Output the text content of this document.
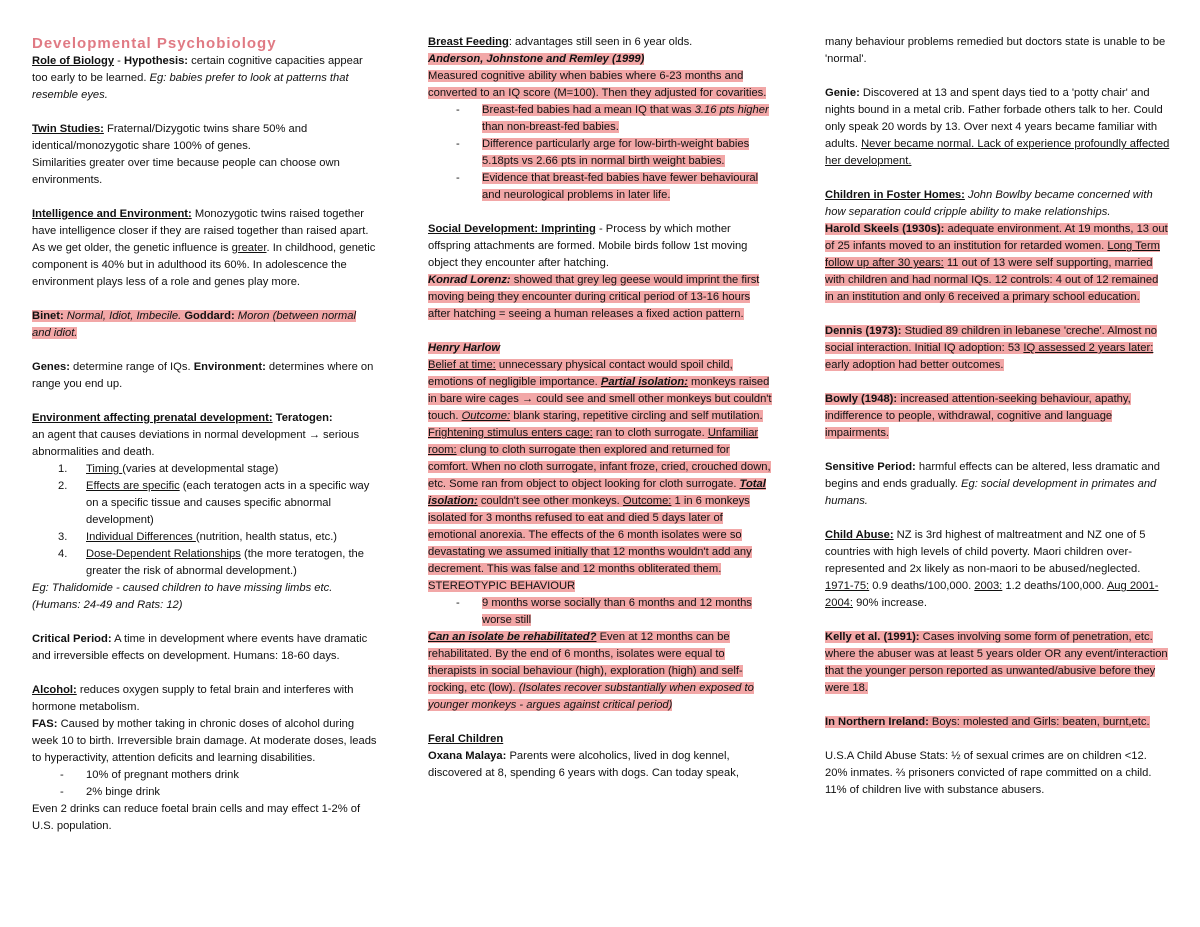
Developmental Psychobiology

Role of Biology - Hypothesis: certain cognitive capacities appear too early to be learned. Eg: babies prefer to look at patterns that resemble eyes.

Twin Studies: Fraternal/Dizygotic twins share 50% and identical/monozygotic share 100% of genes.

Similarities greater over time because people can choose own environments.

Intelligence and Environment: Monozygotic twins raised together have intelligence closer if they are raised together than raised apart. As we get older, the genetic influence is greater. In childhood, genetic component is 40% but in adulthood its 60%. In adolescence the environment plays less of a role and genes play more.

Binet: Normal, Idiot, Imbecile. Goddard: Moron (between normal and idiot.

Genes: determine range of IQs. Environment: determines where on range you end up.

Environment affecting prenatal development: Teratogen:

an agent that causes deviations in normal development → serious abnormalities and death.

1. Timing (varies at developmental stage)
2. Effects are specific (each teratogen acts in a specific way on a specific tissue and causes specific abnormal development)
3. Individual Differences (nutrition, health status, etc.)
4. Dose-Dependent Relationships (the more teratogen, the greater the risk of abnormal development.)

Eg: Thalidomide - caused children to have missing limbs etc. (Humans: 24-49 and Rats: 12)

Critical Period: A time in development where events have dramatic and irreversible effects on development. Humans: 18-60 days.

Alcohol: reduces oxygen supply to fetal brain and interferes with hormone metabolism.

FAS: Caused by mother taking in chronic doses of alcohol during week 10 to birth. Irreversible brain damage. At moderate doses, leads to hyperactivity, attention deficits and learning disabilities.

- 10% of pregnant mothers drink
- 2% binge drink

Even 2 drinks can reduce foetal brain cells and may effect 1-2% of U.S. population.

Breast Feeding: advantages still seen in 6 year olds.

Anderson, Johnstone and Remley (1999)

Measured cognitive ability when babies where 6-23 months and converted to an IQ score (M=100). Then they adjusted for covarities.

- Breast-fed babies had a mean IQ that was 3.16 pts higher than non-breast-fed babies.
- Difference particularly arge for low-birth-weight babies 5.18pts vs 2.66 pts in normal birth weight babies.
- Evidence that breast-fed babies have fewer behavioural and neurological problems in later life.

Social Development: Imprinting - Process by which mother offspring attachments are formed. Mobile birds follow 1st moving object they encounter after hatching.

Konrad Lorenz: showed that grey leg geese would imprint the first moving being they encounter during critical period of 13-16 hours after hatching = seeing a human releases a fixed action pattern.

Henry Harlow

Belief at time: unnecessary physical contact would spoil child, emotions of negligible importance. Partial isolation: monkeys raised in bare wire cages → could see and smell other monkeys but couldn't touch. Outcome: blank staring, repetitive circling and self mutilation. Frightening stimulus enters cage: ran to cloth surrogate. Unfamiliar room: clung to cloth surrogate then explored and returned for comfort. When no cloth surrogate, infant froze, cried, crouched down, etc. Some ran from object to object looking for cloth surrogate. Total isolation: couldn't see other monkeys. Outcome: 1 in 6 monkeys isolated for 3 months refused to eat and died 5 days later of emotional anorexia. The effects of the 6 month isolates were so devastating we assumed initially that 12 months wouldn't add any decrement. This was false and 12 months obliterated them. STEREOTYPIC BEHAVIOUR

- 9 months worse socially than 6 months and 12 months worse still

Can an isolate be rehabilitated? Even at 12 months can be rehabilitated. By the end of 6 months, isolates were equal to therapists in social behaviour (high), exploration (high) and self-rocking, etc (low). (Isolates recover substantially when exposed to younger monkeys - argues against critical period)

Feral Children

Oxana Malaya: Parents were alcoholics, lived in dog kennel, discovered at 8, spending 6 years with dogs. Can today speak,

many behaviour problems remedied but doctors state is unable to be 'normal'.

Genie: Discovered at 13 and spent days tied to a 'potty chair' and nights bound in a metal crib. Father forbade others talk to her. Could only speak 20 words by 13. Over next 4 years became familiar with adults. Never became normal. Lack of experience profoundly affected her development.

Children in Foster Homes: John Bowlby became concerned with how separation could cripple ability to make relationships.

Harold Skeels (1930s): adequate environment. At 19 months, 13 out of 25 infants moved to an institution for retarded women. Long Term follow up after 30 years: 11 out of 13 were self supporting, married with children and had normal IQs. 12 controls: 4 out of 12 remained in an institution and only 6 received a primary school education.

Dennis (1973): Studied 89 children in lebanese 'creche'. Almost no social interaction. Initial IQ adoption: 53 IQ assessed 2 years later: early adoption had better outcomes.

Bowly (1948): increased attention-seeking behaviour, apathy, indifference to people, withdrawal, cognitive and language impairments.

Sensitive Period: harmful effects can be altered, less dramatic and begins and ends gradually. Eg: social development in primates and humans.

Child Abuse: NZ is 3rd highest of maltreatment and NZ one of 5 countries with high levels of child poverty. Maori children over-represented and 2x likely as non-maori to be abused/neglected.

1971-75: 0.9 deaths/100,000. 2003: 1.2 deaths/100,000. Aug 2001-2004: 90% increase.

Kelly et al. (1991): Cases involving some form of penetration, etc. where the abuser was at least 5 years older OR any event/interaction that the younger person reported as unwanted/abusive before they were 18.

In Northern Ireland: Boys: molested and Girls: beaten, burnt,etc.

U.S.A Child Abuse Stats: ½ of sexual crimes are on children <12. 20% inmates. ⅔ prisoners convicted of rape committed on a child. 11% of children live with substance abusers.
